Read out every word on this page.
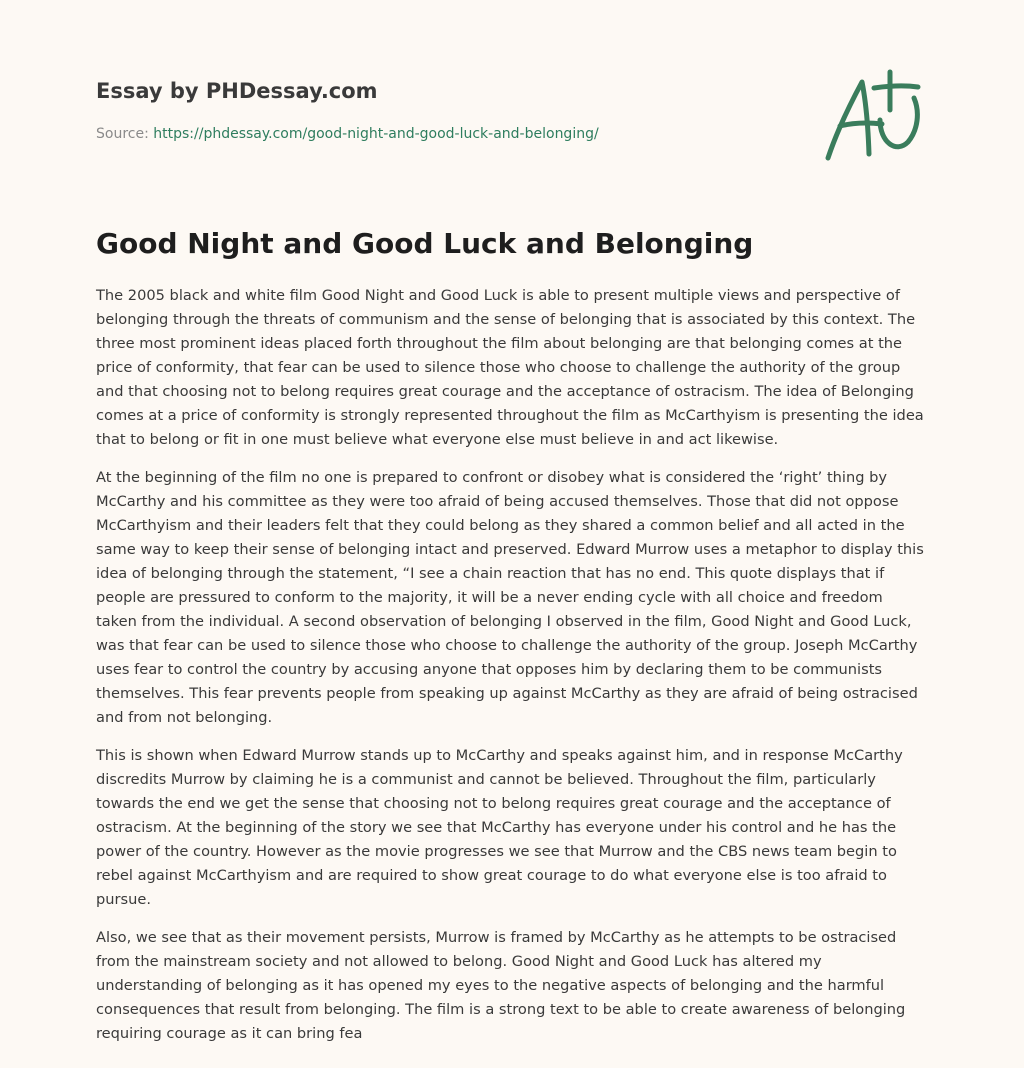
Essay by PHDessay.com
Source: https://phdessay.com/good-night-and-good-luck-and-belonging/
Good Night and Good Luck and Belonging

The 2005 black and white film Good Night and Good Luck is able to present multiple views and perspective of belonging through the threats of communism and the sense of belonging that is associated by this context. The three most prominent ideas placed forth throughout the film about belonging are that belonging comes at the price of conformity, that fear can be used to silence those who choose to challenge the authority of the group and that choosing not to belong requires great courage and the acceptance of ostracism. The idea of Belonging comes at a price of conformity is strongly represented throughout the film as McCarthyism is presenting the idea that to belong or fit in one must believe what everyone else must believe in and act likewise.

At the beginning of the film no one is prepared to confront or disobey what is considered the ‘right’ thing by McCarthy and his committee as they were too afraid of being accused themselves. Those that did not oppose McCarthyism and their leaders felt that they could belong as they shared a common belief and all acted in the same way to keep their sense of belonging intact and preserved. Edward Murrow uses a metaphor to display this idea of belonging through the statement, “I see a chain reaction that has no end. This quote displays that if people are pressured to conform to the majority, it will be a never ending cycle with all choice and freedom taken from the individual. A second observation of belonging I observed in the film, Good Night and Good Luck, was that fear can be used to silence those who choose to challenge the authority of the group. Joseph McCarthy uses fear to control the country by accusing anyone that opposes him by declaring them to be communists themselves. This fear prevents people from speaking up against McCarthy as they are afraid of being ostracised and from not belonging.

This is shown when Edward Murrow stands up to McCarthy and speaks against him, and in response McCarthy discredits Murrow by claiming he is a communist and cannot be believed. Throughout the film, particularly towards the end we get the sense that choosing not to belong requires great courage and the acceptance of ostracism. At the beginning of the story we see that McCarthy has everyone under his control and he has the power of the country. However as the movie progresses we see that Murrow and the CBS news team begin to rebel against McCarthyism and are required to show great courage to do what everyone else is too afraid to pursue.

Also, we see that as their movement persists, Murrow is framed by McCarthy as he attempts to be ostracised from the mainstream society and not allowed to belong. Good Night and Good Luck has altered my understanding of belonging as it has opened my eyes to the negative aspects of belonging and the harmful consequences that result from belonging. The film is a strong text to be able to create awareness of belonging requiring courage as it can bring fea
